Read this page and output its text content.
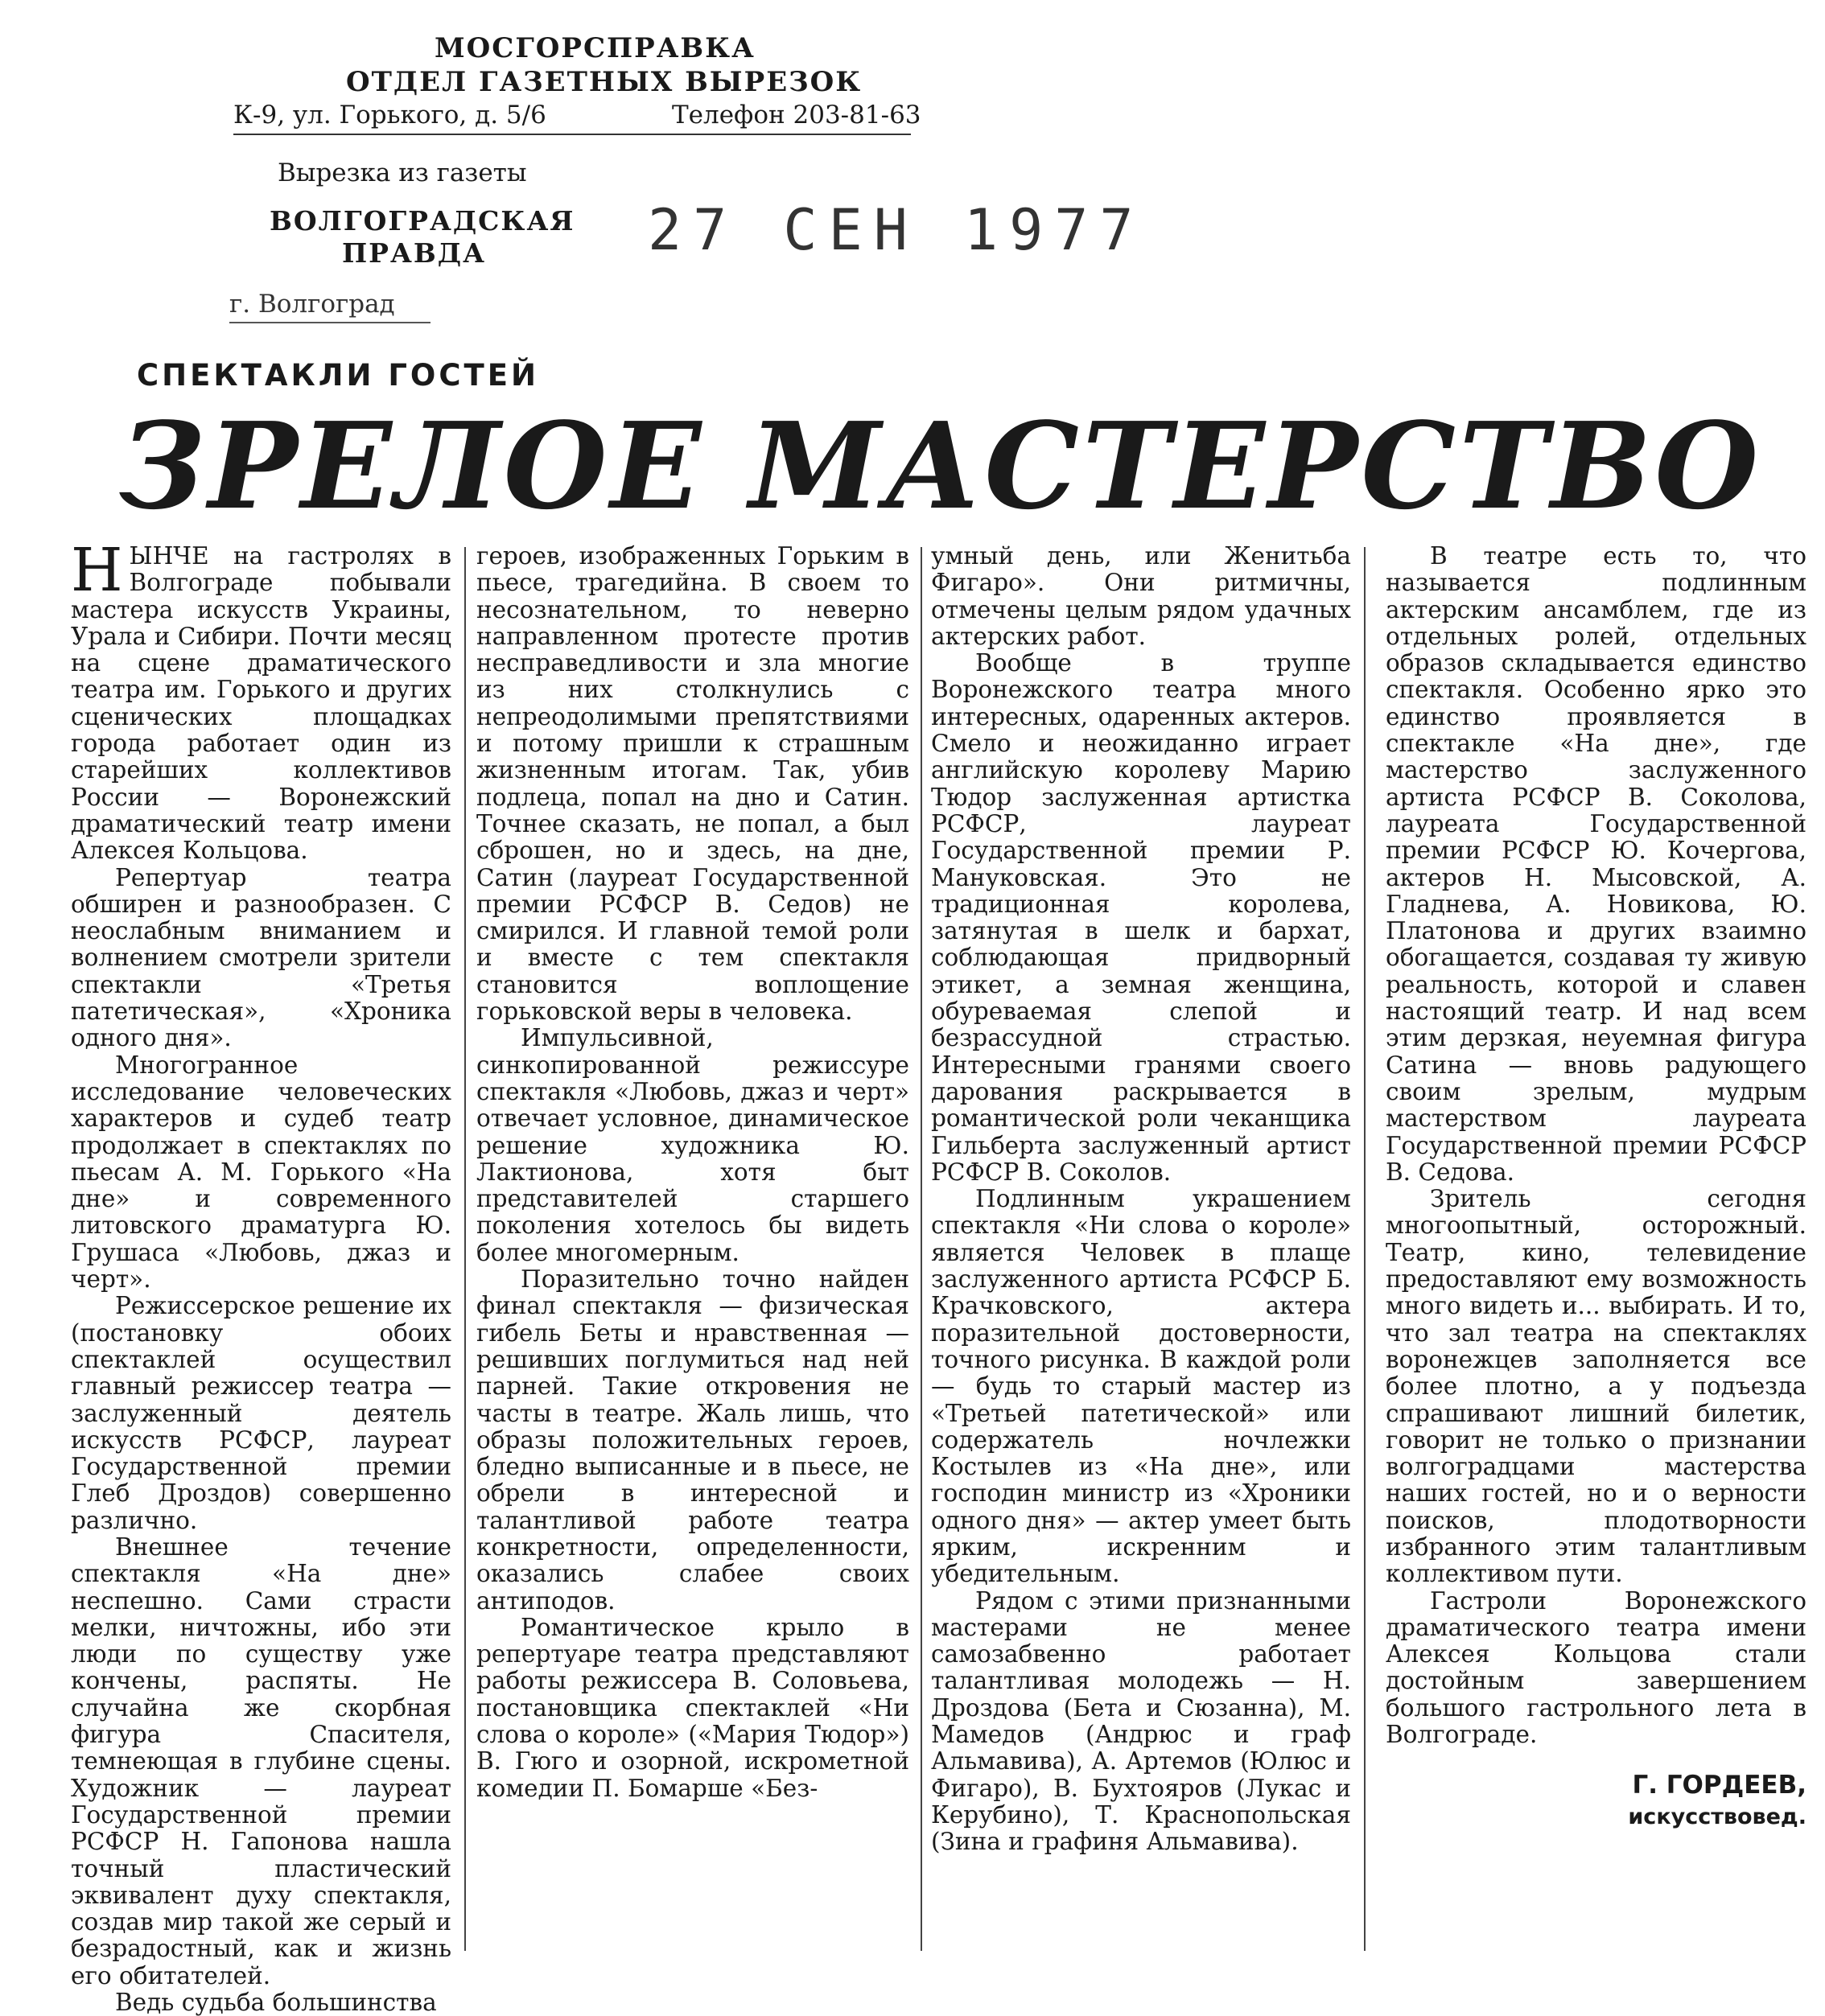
МОСГОРСПРАВКА
ОТДЕЛ ГАЗЕТНЫХ ВЫРЕЗОК
К-9, ул. Горького, д. 5/6	Телефон 203-81-63
Вырезка из газеты
ВОЛГОГРАДСКАЯ
ПРАВДА	27 СЕН 1977
г. Волгоград
СПЕКТАКЛИ ГОСТЕЙ
ЗРЕЛОЕ МАСТЕРСТВО

НЫНЧЕ на гастролях в Волгограде побывали мастера искусств Украины, Урала и Сибири. Почти месяц на сцене драматического театра им. Горького и других сценических площадках города работает один из старейших коллективов России — Воронежский драматический театр имени Алексея Кольцова.

Репертуар театра обширен и разнообразен. С неослабным вниманием и волнением смотрели зрители спектакли «Третья патетическая», «Хроника одного дня».

Многогранное исследование человеческих характеров и судеб театр продолжает в спектаклях по пьесам А. М. Горького «На дне» и современного литовского драматурга Ю. Грушаса «Любовь, джаз и черт».

Режиссерское решение их (постановку обоих спектаклей осуществил главный режиссер театра — заслуженный деятель искусств РСФСР, лауреат Государственной премии Глеб Дроздов) совершенно различно.

Внешнее течение спектакля «На дне» неспешно. Сами страсти мелки, ничтожны, ибо эти люди по существу уже кончены, распяты. Не случайна же скорбная фигура Спасителя, темнеющая в глубине сцены. Художник — лауреат Государственной премии РСФСР Н. Гапонова нашла точный пластический эквивалент духу спектакля, создав мир такой же серый и безрадостный, как и жизнь его обитателей.

Ведь судьба большинства

героев, изображенных Горьким в пьесе, трагедийна. В своем то несознательном, то неверно направленном протесте против несправедливости и зла многие из них столкнулись с непреодолимыми препятствиями и потому пришли к страшным жизненным итогам. Так, убив подлеца, попал на дно и Сатин. Точнее сказать, не попал, а был сброшен, но и здесь, на дне, Сатин (лауреат Государственной премии РСФСР В. Седов) не смирился. И главной темой роли и вместе с тем спектакля становится воплощение горьковской веры в человека.

Импульсивной, синкопированной режиссуре спектакля «Любовь, джаз и черт» отвечает условное, динамическое решение художника Ю. Лактионова, хотя быт представителей старшего поколения хотелось бы видеть более многомерным.

Поразительно точно найден финал спектакля — физическая гибель Беты и нравственная — решивших поглумиться над ней парней. Такие откровения не часты в театре. Жаль лишь, что образы положительных героев, бледно выписанные и в пьесе, не обрели в интересной и талантливой работе театра конкретности, определенности, оказались слабее своих антиподов.

Романтическое крыло в репертуаре театра представляют работы режиссера В. Соловьева, постановщика спектаклей «Ни слова о короле» («Мария Тюдор») В. Гюго и озорной, искрометной комедии П. Бомарше «Без-

умный день, или Женитьба Фигаро». Они ритмичны, отмечены целым рядом удачных актерских работ.

Вообще в труппе Воронежского театра много интересных, одаренных актеров. Смело и неожиданно играет английскую королеву Марию Тюдор заслуженная артистка РСФСР, лауреат Государственной премии Р. Мануковская. Это не традиционная королева, затянутая в шелк и бархат, соблюдающая придворный этикет, а земная женщина, обуреваемая слепой и безрассудной страстью. Интересными гранями своего дарования раскрывается в романтической роли чеканщика Гильберта заслуженный артист РСФСР В. Соколов.

Подлинным украшением спектакля «Ни слова о короле» является Человек в плаще заслуженного артиста РСФСР Б. Крачковского, актера поразительной достоверности, точного рисунка. В каждой роли — будь то старый мастер из «Третьей патетической» или содержатель ночлежки Костылев из «На дне», или господин министр из «Хроники одного дня» — актер умеет быть ярким, искренним и убедительным.

Рядом с этими признанными мастерами не менее самозабвенно работает талантливая молодежь — Н. Дроздова (Бета и Сюзанна), М. Мамедов (Андрюс и граф Альмавива), А. Артемов (Юлюс и Фигаро), В. Бухтояров (Лукас и Керубино), Т. Краснопольская (Зина и графиня Альмавива).

В театре есть то, что называется подлинным актерским ансамблем, где из отдельных ролей, отдельных образов складывается единство спектакля. Особенно ярко это единство проявляется в спектакле «На дне», где мастерство заслуженного артиста РСФСР В. Соколова, лауреата Государственной премии РСФСР Ю. Кочергова, актеров Н. Мысовской, А. Гладнева, А. Новикова, Ю. Платонова и других взаимно обогащается, создавая ту живую реальность, которой и славен настоящий театр. И над всем этим дерзкая, неуемная фигура Сатина — вновь радующего своим зрелым, мудрым мастерством лауреата Государственной премии РСФСР В. Седова.

Зритель сегодня многоопытный, осторожный. Театр, кино, телевидение предоставляют ему возможность много видеть и... выбирать. И то, что зал театра на спектаклях воронежцев заполняется все более плотно, а у подъезда спрашивают лишний билетик, говорит не только о признании волгоградцами мастерства наших гостей, но и о верности поисков, плодотворности избранного этим талантливым коллективом пути.

Гастроли Воронежского драматического театра имени Алексея Кольцова стали достойным завершением большого гастрольного лета в Волгограде.

Г. ГОРДЕЕВ,
искусствовед.
